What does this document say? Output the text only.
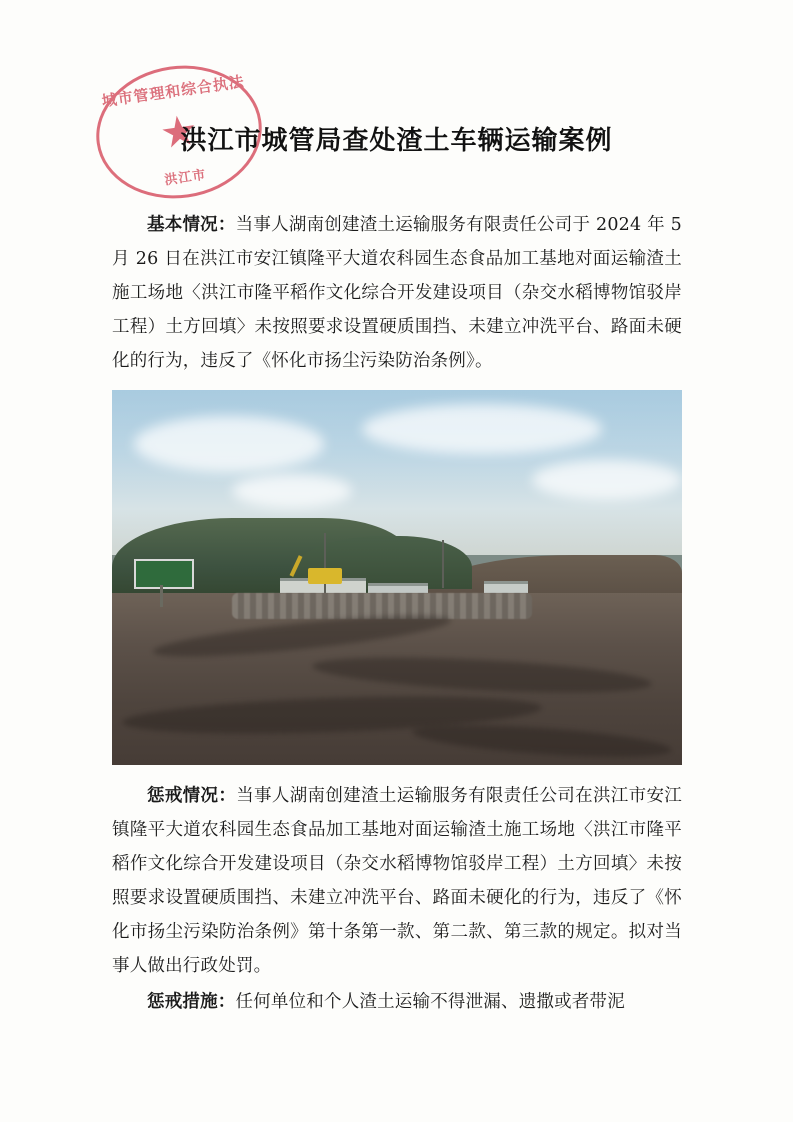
城市管理和综合执法
★
洪江市
洪江市城管局查处渣土车辆运输案例

基本情况：当事人湖南创建渣土运输服务有限责任公司于 2024 年 5 月 26 日在洪江市安江镇隆平大道农科园生态食品加工基地对面运输渣土施工场地〈洪江市隆平稻作文化综合开发建设项目（杂交水稻博物馆驳岸工程）土方回填〉未按照要求设置硬质围挡、未建立冲洗平台、路面未硬化的行为，违反了《怀化市扬尘污染防治条例》。

惩戒情况：当事人湖南创建渣土运输服务有限责任公司在洪江市安江镇隆平大道农科园生态食品加工基地对面运输渣土施工场地〈洪江市隆平稻作文化综合开发建设项目（杂交水稻博物馆驳岸工程）土方回填〉未按照要求设置硬质围挡、未建立冲洗平台、路面未硬化的行为，违反了《怀化市扬尘污染防治条例》第十条第一款、第二款、第三款的规定。拟对当事人做出行政处罚。

惩戒措施：任何单位和个人渣土运输不得泄漏、遗撒或者带泥
